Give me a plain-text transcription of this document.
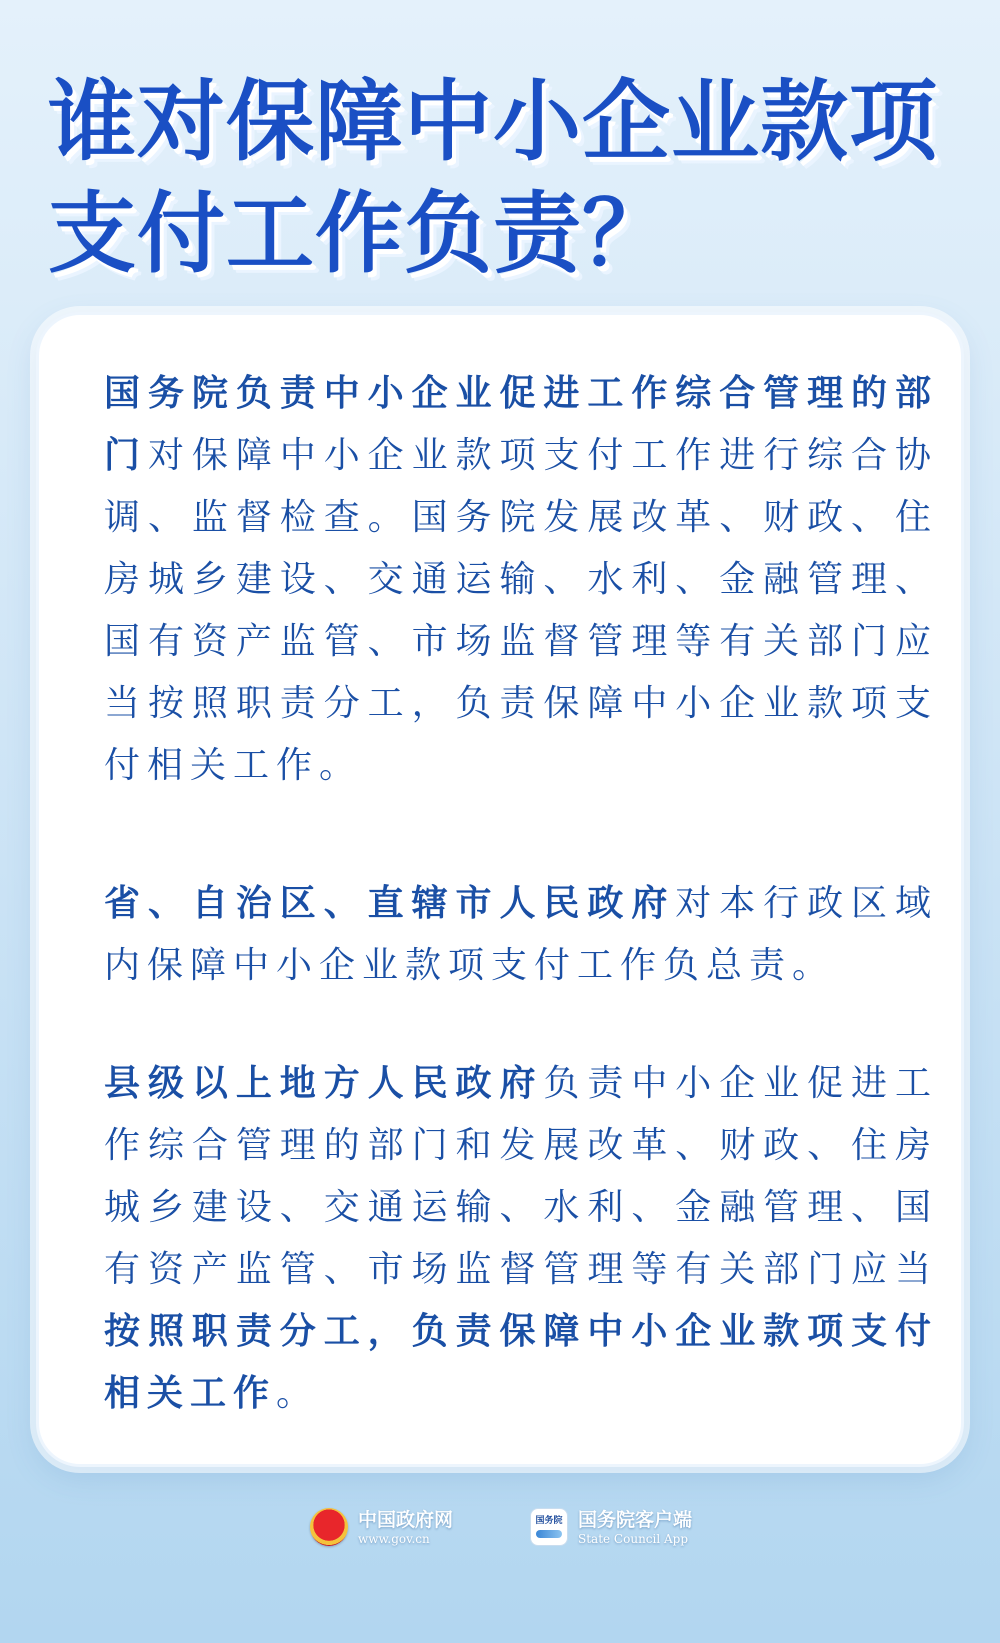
谁对保障中小企业款项
支付工作负责？

国务院负责中小企业促进工作综合管理的部门对保障中小企业款项支付工作进行综合协调、监督检查。国务院发展改革、财政、住房城乡建设、交通运输、水利、金融管理、国有资产监管、市场监督管理等有关部门应当按照职责分工，负责保障中小企业款项支付相关工作。

省、自治区、直辖市人民政府对本行政区域内保障中小企业款项支付工作负总责。

县级以上地方人民政府负责中小企业促进工作综合管理的部门和发展改革、财政、住房城乡建设、交通运输、水利、金融管理、国有资产监管、市场监督管理等有关部门应当按照职责分工，负责保障中小企业款项支付相关工作。

中国政府网
www.gov.cn
国务院 国务院客户端
State Council App
